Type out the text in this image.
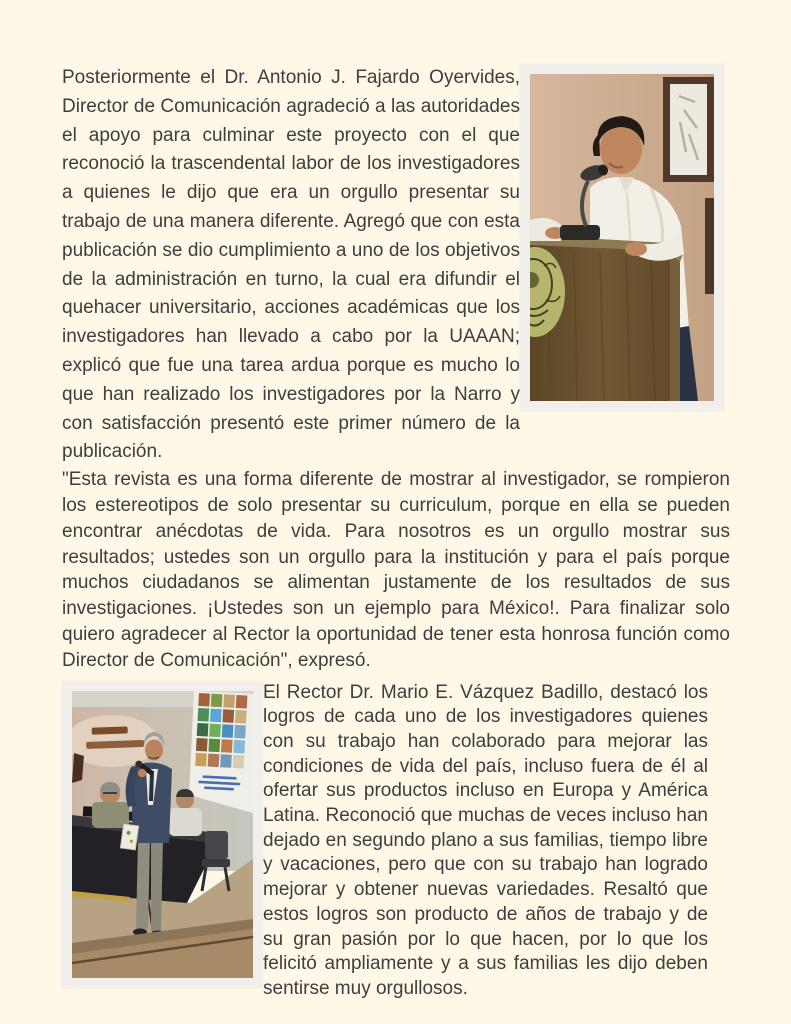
Posteriormente el Dr. Antonio J. Fajardo Oyervides, Director de Comunicación agradeció a las autoridades el apoyo para culminar este proyecto con el que reconoció la trascendental labor de los investigadores a quienes le dijo que era un orgullo presentar su trabajo de una manera diferente. Agregó que con esta publicación se dio cumplimiento a uno de los objetivos de la administración en turno, la cual era difundir el quehacer universitario, acciones académicas que los investigadores han llevado a cabo por la UAAAN; explicó que fue una tarea ardua porque es mucho lo que han realizado los investigadores por la Narro y con satisfacción presentó este primer número de la publicación.

"Esta revista es una forma diferente de mostrar al investigador, se rompieron los estereotipos de solo presentar su curriculum, porque en ella se pueden encontrar anécdotas de vida. Para nosotros es un orgullo mostrar sus resultados; ustedes son un orgullo para la institución y para el país porque muchos ciudadanos se alimentan justamente de los resultados de sus investigaciones. ¡Ustedes son un ejemplo para México!. Para finalizar solo quiero agradecer al Rector la oportunidad de tener esta honrosa función como Director de Comunicación", expresó.

El Rector Dr. Mario E. Vázquez Badillo, destacó los logros de cada uno de los investigadores quienes con su trabajo han colaborado para mejorar las condiciones de vida del país, incluso fuera de él al ofertar sus productos incluso en Europa y América Latina. Reconoció que muchas de veces incluso han dejado en segundo plano a sus familias, tiempo libre y vacaciones, pero que con su trabajo han logrado mejorar y obtener nuevas variedades. Resaltó que estos logros son producto de años de trabajo y de su gran pasión por lo que hacen, por lo que los felicitó ampliamente y a sus familias les dijo deben sentirse muy orgullosos.
